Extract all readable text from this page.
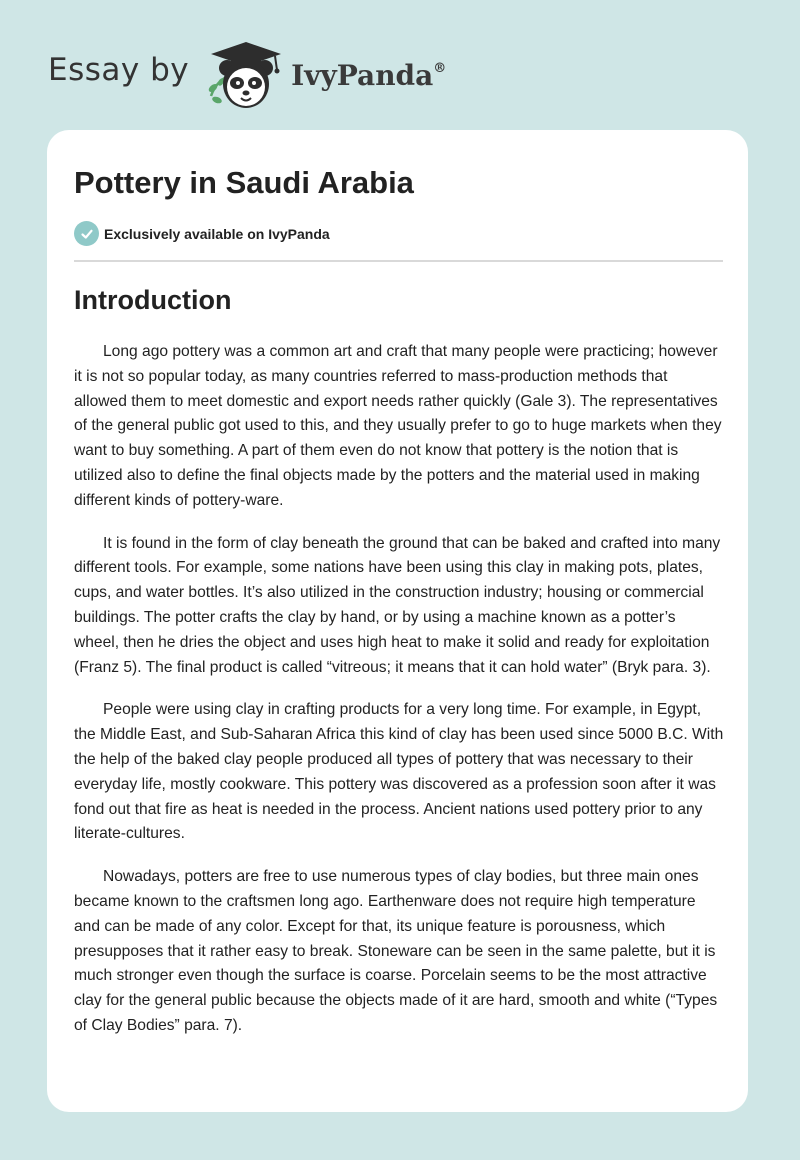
Essay by	IvyPanda®
Pottery in Saudi Arabia
Exclusively available on IvyPanda
Introduction

Long ago pottery was a common art and craft that many people were practicing; however it is not so popular today, as many countries referred to mass-production methods that allowed them to meet domestic and export needs rather quickly (Gale 3). The representatives of the general public got used to this, and they usually prefer to go to huge markets when they want to buy something. A part of them even do not know that pottery is the notion that is utilized also to define the final objects made by the potters and the material used in making different kinds of pottery-ware.

It is found in the form of clay beneath the ground that can be baked and crafted into many different tools. For example, some nations have been using this clay in making pots, plates, cups, and water bottles. It’s also utilized in the construction industry; housing or commercial buildings. The potter crafts the clay by hand, or by using a machine known as a potter’s wheel, then he dries the object and uses high heat to make it solid and ready for exploitation (Franz 5). The final product is called “vitreous; it means that it can hold water” (Bryk para. 3).

People were using clay in crafting products for a very long time. For example, in Egypt, the Middle East, and Sub-Saharan Africa this kind of clay has been used since 5000 B.C. With the help of the baked clay people produced all types of pottery that was necessary to their everyday life, mostly cookware. This pottery was discovered as a profession soon after it was fond out that fire as heat is needed in the process. Ancient nations used pottery prior to any literate-cultures.

Nowadays, potters are free to use numerous types of clay bodies, but three main ones became known to the craftsmen long ago. Earthenware does not require high temperature and can be made of any color. Except for that, its unique feature is porousness, which presupposes that it rather easy to break. Stoneware can be seen in the same palette, but it is much stronger even though the surface is coarse. Porcelain seems to be the most attractive clay for the general public because the objects made of it are hard, smooth and white (“Types of Clay Bodies” para. 7).
